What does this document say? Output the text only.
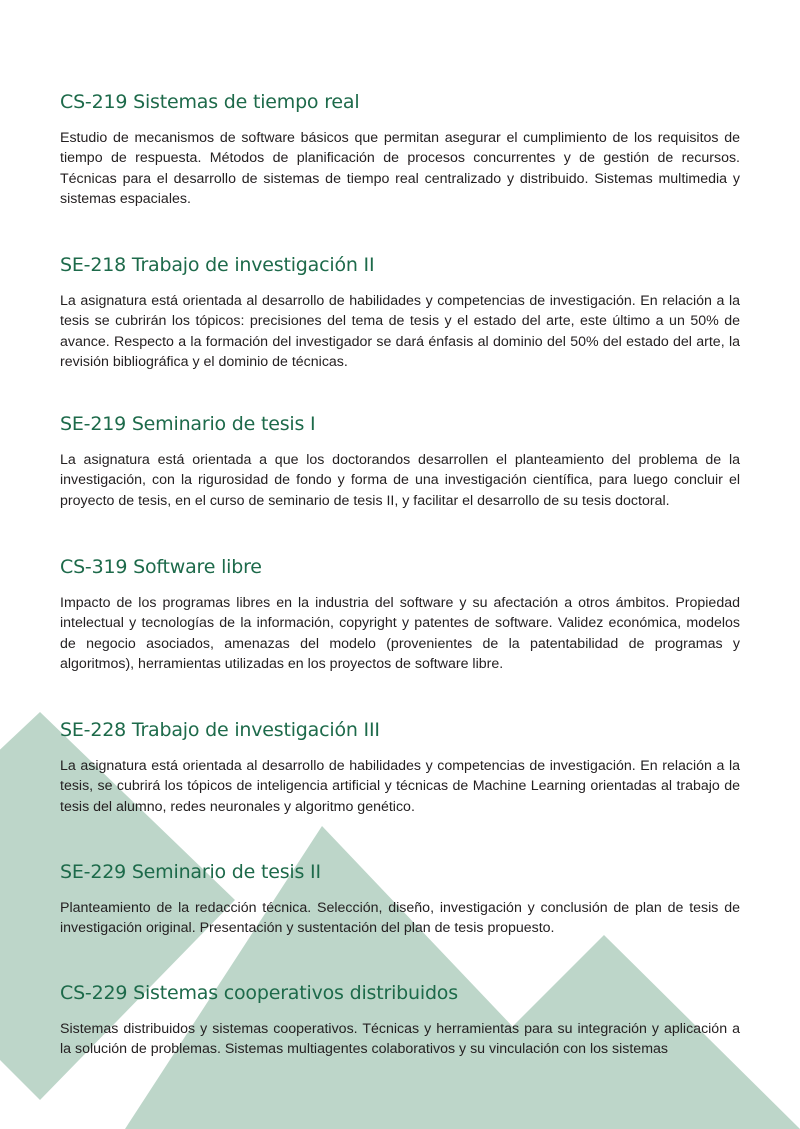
CS-219 Sistemas de tiempo real

Estudio de mecanismos de software básicos que permitan asegurar el cumplimiento de los requisitos de tiempo de respuesta. Métodos de planificación de procesos concurrentes y de gestión de recursos. Técnicas para el desarrollo de sistemas de tiempo real centralizado y distribuido. Sistemas multimedia y sistemas espaciales.

SE-218 Trabajo de investigación II

La asignatura está orientada al desarrollo de habilidades y competencias de investigación. En relación a la tesis se cubrirán los tópicos: precisiones del tema de tesis y el estado del arte, este último a un 50% de avance. Respecto a la formación del investigador se dará énfasis al dominio del 50% del estado del arte, la revisión bibliográfica y el dominio de técnicas.

SE-219 Seminario de tesis I

La asignatura está orientada a que los doctorandos desarrollen el planteamiento del problema de la investigación, con la rigurosidad de fondo y forma de una investigación científica, para luego concluir el proyecto de tesis, en el curso de seminario de tesis II, y facilitar el desarrollo de su tesis doctoral.

CS-319 Software libre

Impacto de los programas libres en la industria del software y su afectación a otros ámbitos. Propiedad intelectual y tecnologías de la información, copyright y patentes de software. Validez económica, modelos de negocio asociados, amenazas del modelo (provenientes de la patentabilidad de programas y algoritmos), herramientas utilizadas en los proyectos de software libre.

SE-228 Trabajo de investigación III

La asignatura está orientada al desarrollo de habilidades y competencias de investigación. En relación a la tesis, se cubrirá los tópicos de inteligencia artificial y técnicas de Machine Learning orientadas al trabajo de tesis del alumno, redes neuronales y algoritmo genético.

SE-229 Seminario de tesis II

Planteamiento de la redacción técnica. Selección, diseño, investigación y conclusión de plan de tesis de investigación original. Presentación y sustentación del plan de tesis propuesto.

CS-229 Sistemas cooperativos distribuidos

Sistemas distribuidos y sistemas cooperativos. Técnicas y herramientas para su integración y aplicación a la solución de problemas. Sistemas multiagentes colaborativos y su vinculación con los sistemas
